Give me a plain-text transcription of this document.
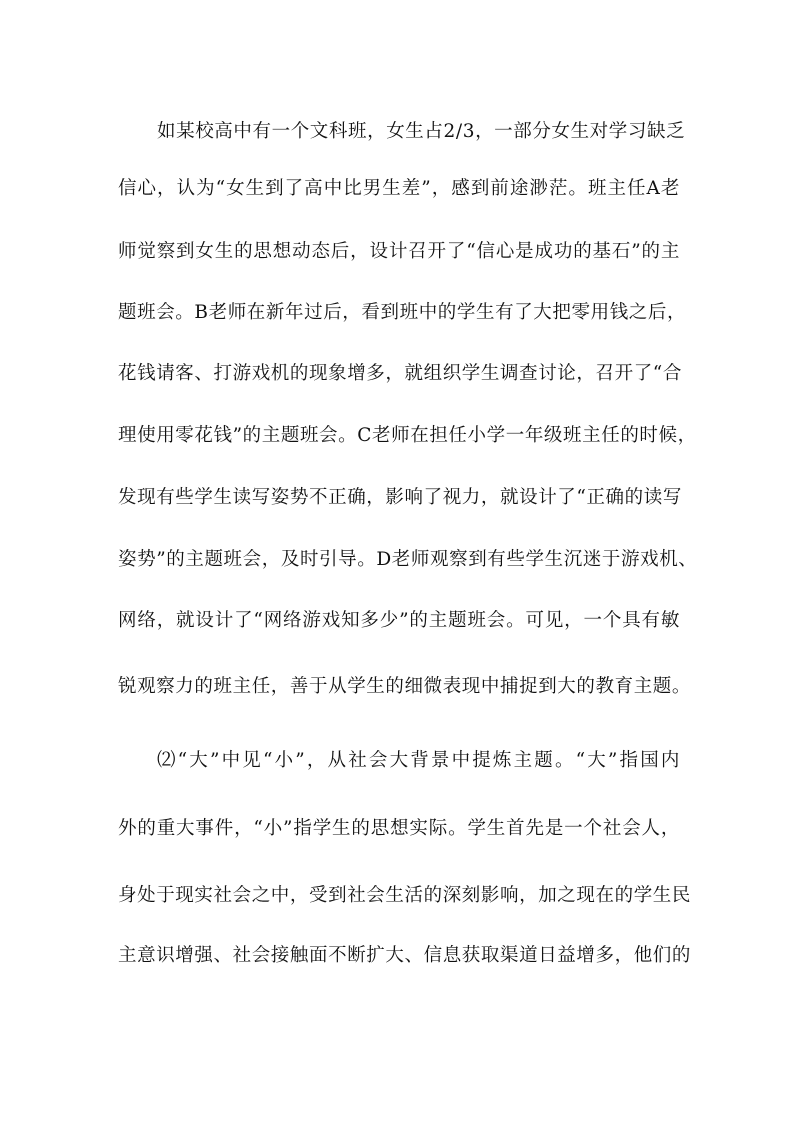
如某校高中有一个文科班，女生占2/3，一部分女生对学习缺乏
信心，认为“女生到了高中比男生差”，感到前途渺茫。班主任A老
师觉察到女生的思想动态后，设计召开了“信心是成功的基石”的主
题班会。B老师在新年过后，看到班中的学生有了大把零用钱之后，
花钱请客、打游戏机的现象增多，就组织学生调查讨论，召开了“合
理使用零花钱”的主题班会。C老师在担任小学一年级班主任的时候，
发现有些学生读写姿势不正确，影响了视力，就设计了“正确的读写
姿势”的主题班会，及时引导。D老师观察到有些学生沉迷于游戏机、
网络，就设计了“网络游戏知多少”的主题班会。可见，一个具有敏
锐观察力的班主任，善于从学生的细微表现中捕捉到大的教育主题。
⑵“大”中见“小”，从社会大背景中提炼主题。“大”指国内
外的重大事件，“小”指学生的思想实际。学生首先是一个社会人，
身处于现实社会之中，受到社会生活的深刻影响，加之现在的学生民
主意识增强、社会接触面不断扩大、信息获取渠道日益增多，他们的
